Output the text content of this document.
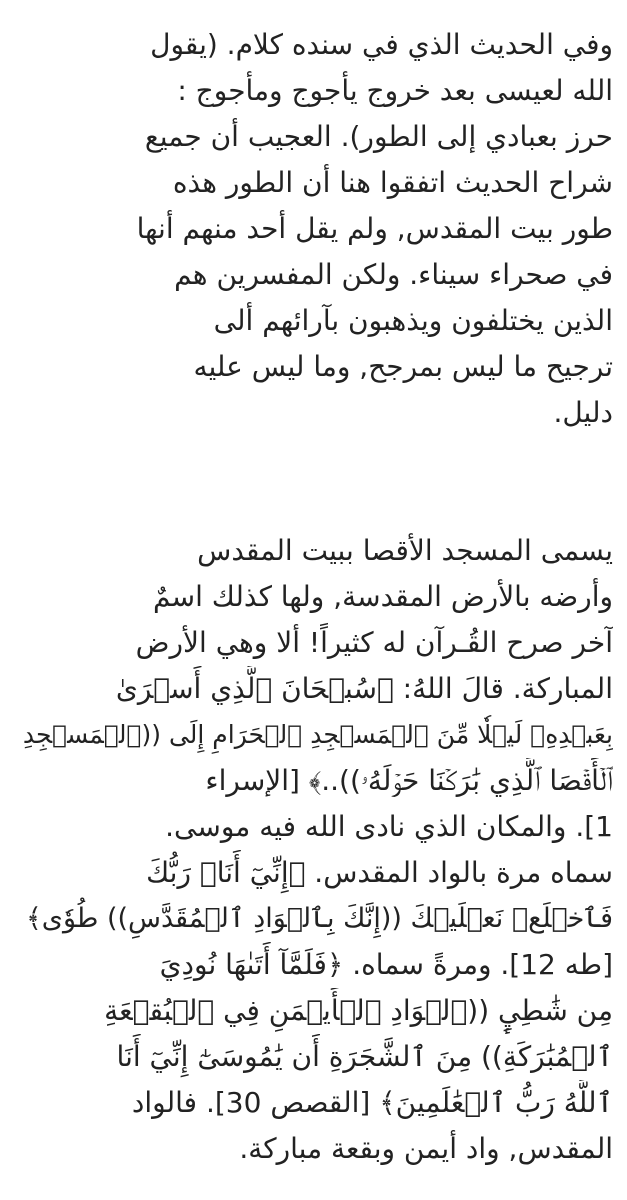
وفي الحديث الذي في سنده كلام. (يقول
الله لعيسى بعد خروج يأجوج ومأجوج :
حرز بعبادي إلى الطور). العجيب أن جميع
شراح الحديث اتفقوا هنا أن الطور هذه
طور بيت المقدس, ولم يقل أحد منهم أنها
في صحراء سيناء. ولكن المفسرين هم
الذين يختلفون ويذهبون بآرائهم ألى
ترجيح ما ليس بمرجح, وما ليس عليه
دليل.
يسمى المسجد الأقصا ببيت المقدس
وأرضه بالأرض المقدسة, ولها كذلك اسمٌ
آخر صرح القُـرآن له كثيراً! ألا وهي الأرض
المباركة. قالَ اللهُ: ﴿سُبۡحَانَ ٱلَّذِي أَسۡرَىٰ
بِعَبۡدِهِۦ لَيۡلٗا مِّنَ ٱلۡمَسۡجِدِ ٱلۡحَرَامِ إِلَى ((ٱلۡمَسۡجِدِ
ٱلۡأَقۡصَا ٱلَّذِي بَٰرَكۡنَا حَوۡلَهُۥ))..﴾ [الإسراء
1]. والمكان الذي نادى الله فيه موسى.
سماه مرة بالواد المقدس. ﴿إِنِّيٓ أَنَا۠ رَبُّكَ
فَٱخۡلَعۡ نَعۡلَيۡكَ ((إِنَّكَ بِٱلۡوَادِ ٱلۡمُقَدَّسِ)) طُوٗى﴾
[طه 12]. ومرةً سماه. ﴿فَلَمَّآ أَتَىٰهَا نُودِيَ
مِن شَٰطِيِٕ ((ٱلۡوَادِ ٱلۡأَيۡمَنِ فِي ٱلۡبُقۡعَةِ
ٱلۡمُبَٰرَكَةِ)) مِنَ ٱلشَّجَرَةِ أَن يَٰمُوسَىٰٓ إِنِّيٓ أَنَا
ٱللَّهُ رَبُّ ٱلۡعَٰلَمِينَ﴾ [القصص 30]. فالواد
المقدس, واد أيمن وبقعة مباركة.
